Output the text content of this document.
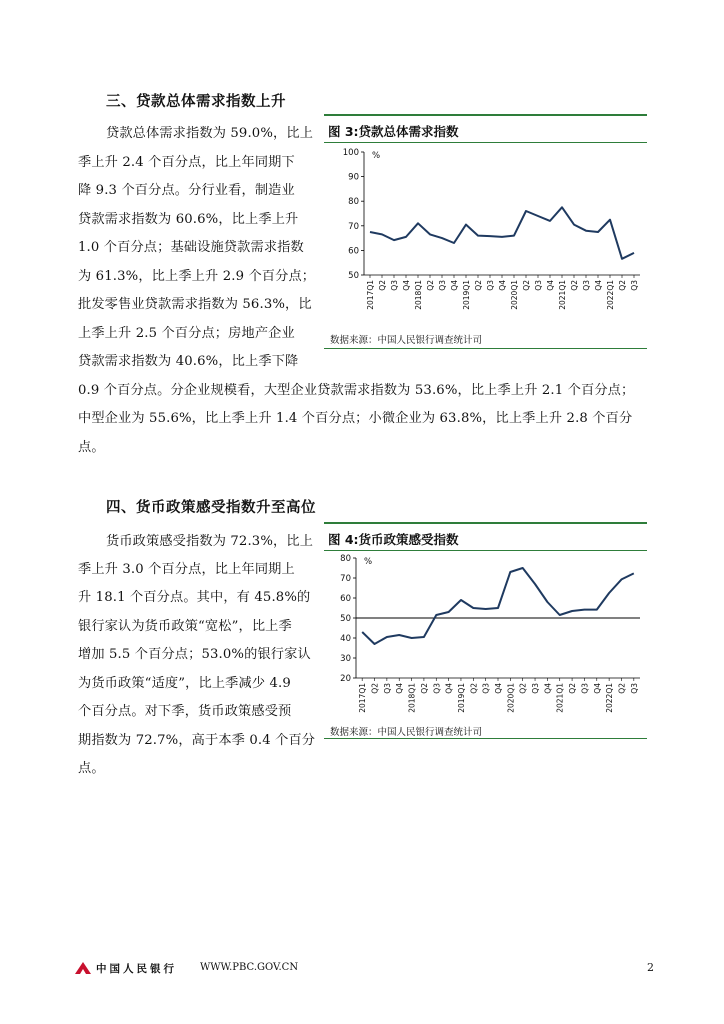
三、贷款总体需求指数上升
贷款总体需求指数为 59.0%，比上
季上升 2.4 个百分点，比上年同期下
降 9.3 个百分点。分行业看，制造业
贷款需求指数为 60.6%，比上季上升
1.0 个百分点；基础设施贷款需求指数
为 61.3%，比上季上升 2.9 个百分点；
批发零售业贷款需求指数为 56.3%，比
上季上升 2.5 个百分点；房地产企业
贷款需求指数为 40.6%，比上季下降
0.9 个百分点。分企业规模看，大型企业贷款需求指数为 53.6%，比上季上升 2.1 个百分点；
中型企业为 55.6%，比上季上升 1.4 个百分点；小微企业为 63.8%，比上季上升 2.8 个百分
点。
图 3:贷款总体需求指数
100
90
80
70
60
50
%
2017Q1 Q2 Q3 Q4 2018Q1 Q2 Q3 Q4 2019Q1 Q2 Q3 Q4 2020Q1 Q2 Q3 Q4 2021Q1 Q2 Q3 Q4 2022Q1 Q2 Q3
数据来源：中国人民银行调查统计司
四、货币政策感受指数升至高位
货币政策感受指数为 72.3%，比上
季上升 3.0 个百分点，比上年同期上
升 18.1 个百分点。其中，有 45.8%的
银行家认为货币政策“宽松”，比上季
增加 5.5 个百分点；53.0%的银行家认
为货币政策“适度”，比上季减少 4.9
个百分点。对下季，货币政策感受预
期指数为 72.7%，高于本季 0.4 个百分
点。
图 4:货币政策感受指数
80
70
60
50
40
30
20
%
2017Q1 Q2 Q3 Q4 2018Q1 Q2 Q3 Q4 2019Q1 Q2 Q3 Q4 2020Q1 Q2 Q3 Q4 2021Q1 Q2 Q3 Q4 2022Q1 Q2 Q3
数据来源：中国人民银行调查统计司
中国人民银行 WWW.PBC.GOV.CN	2
